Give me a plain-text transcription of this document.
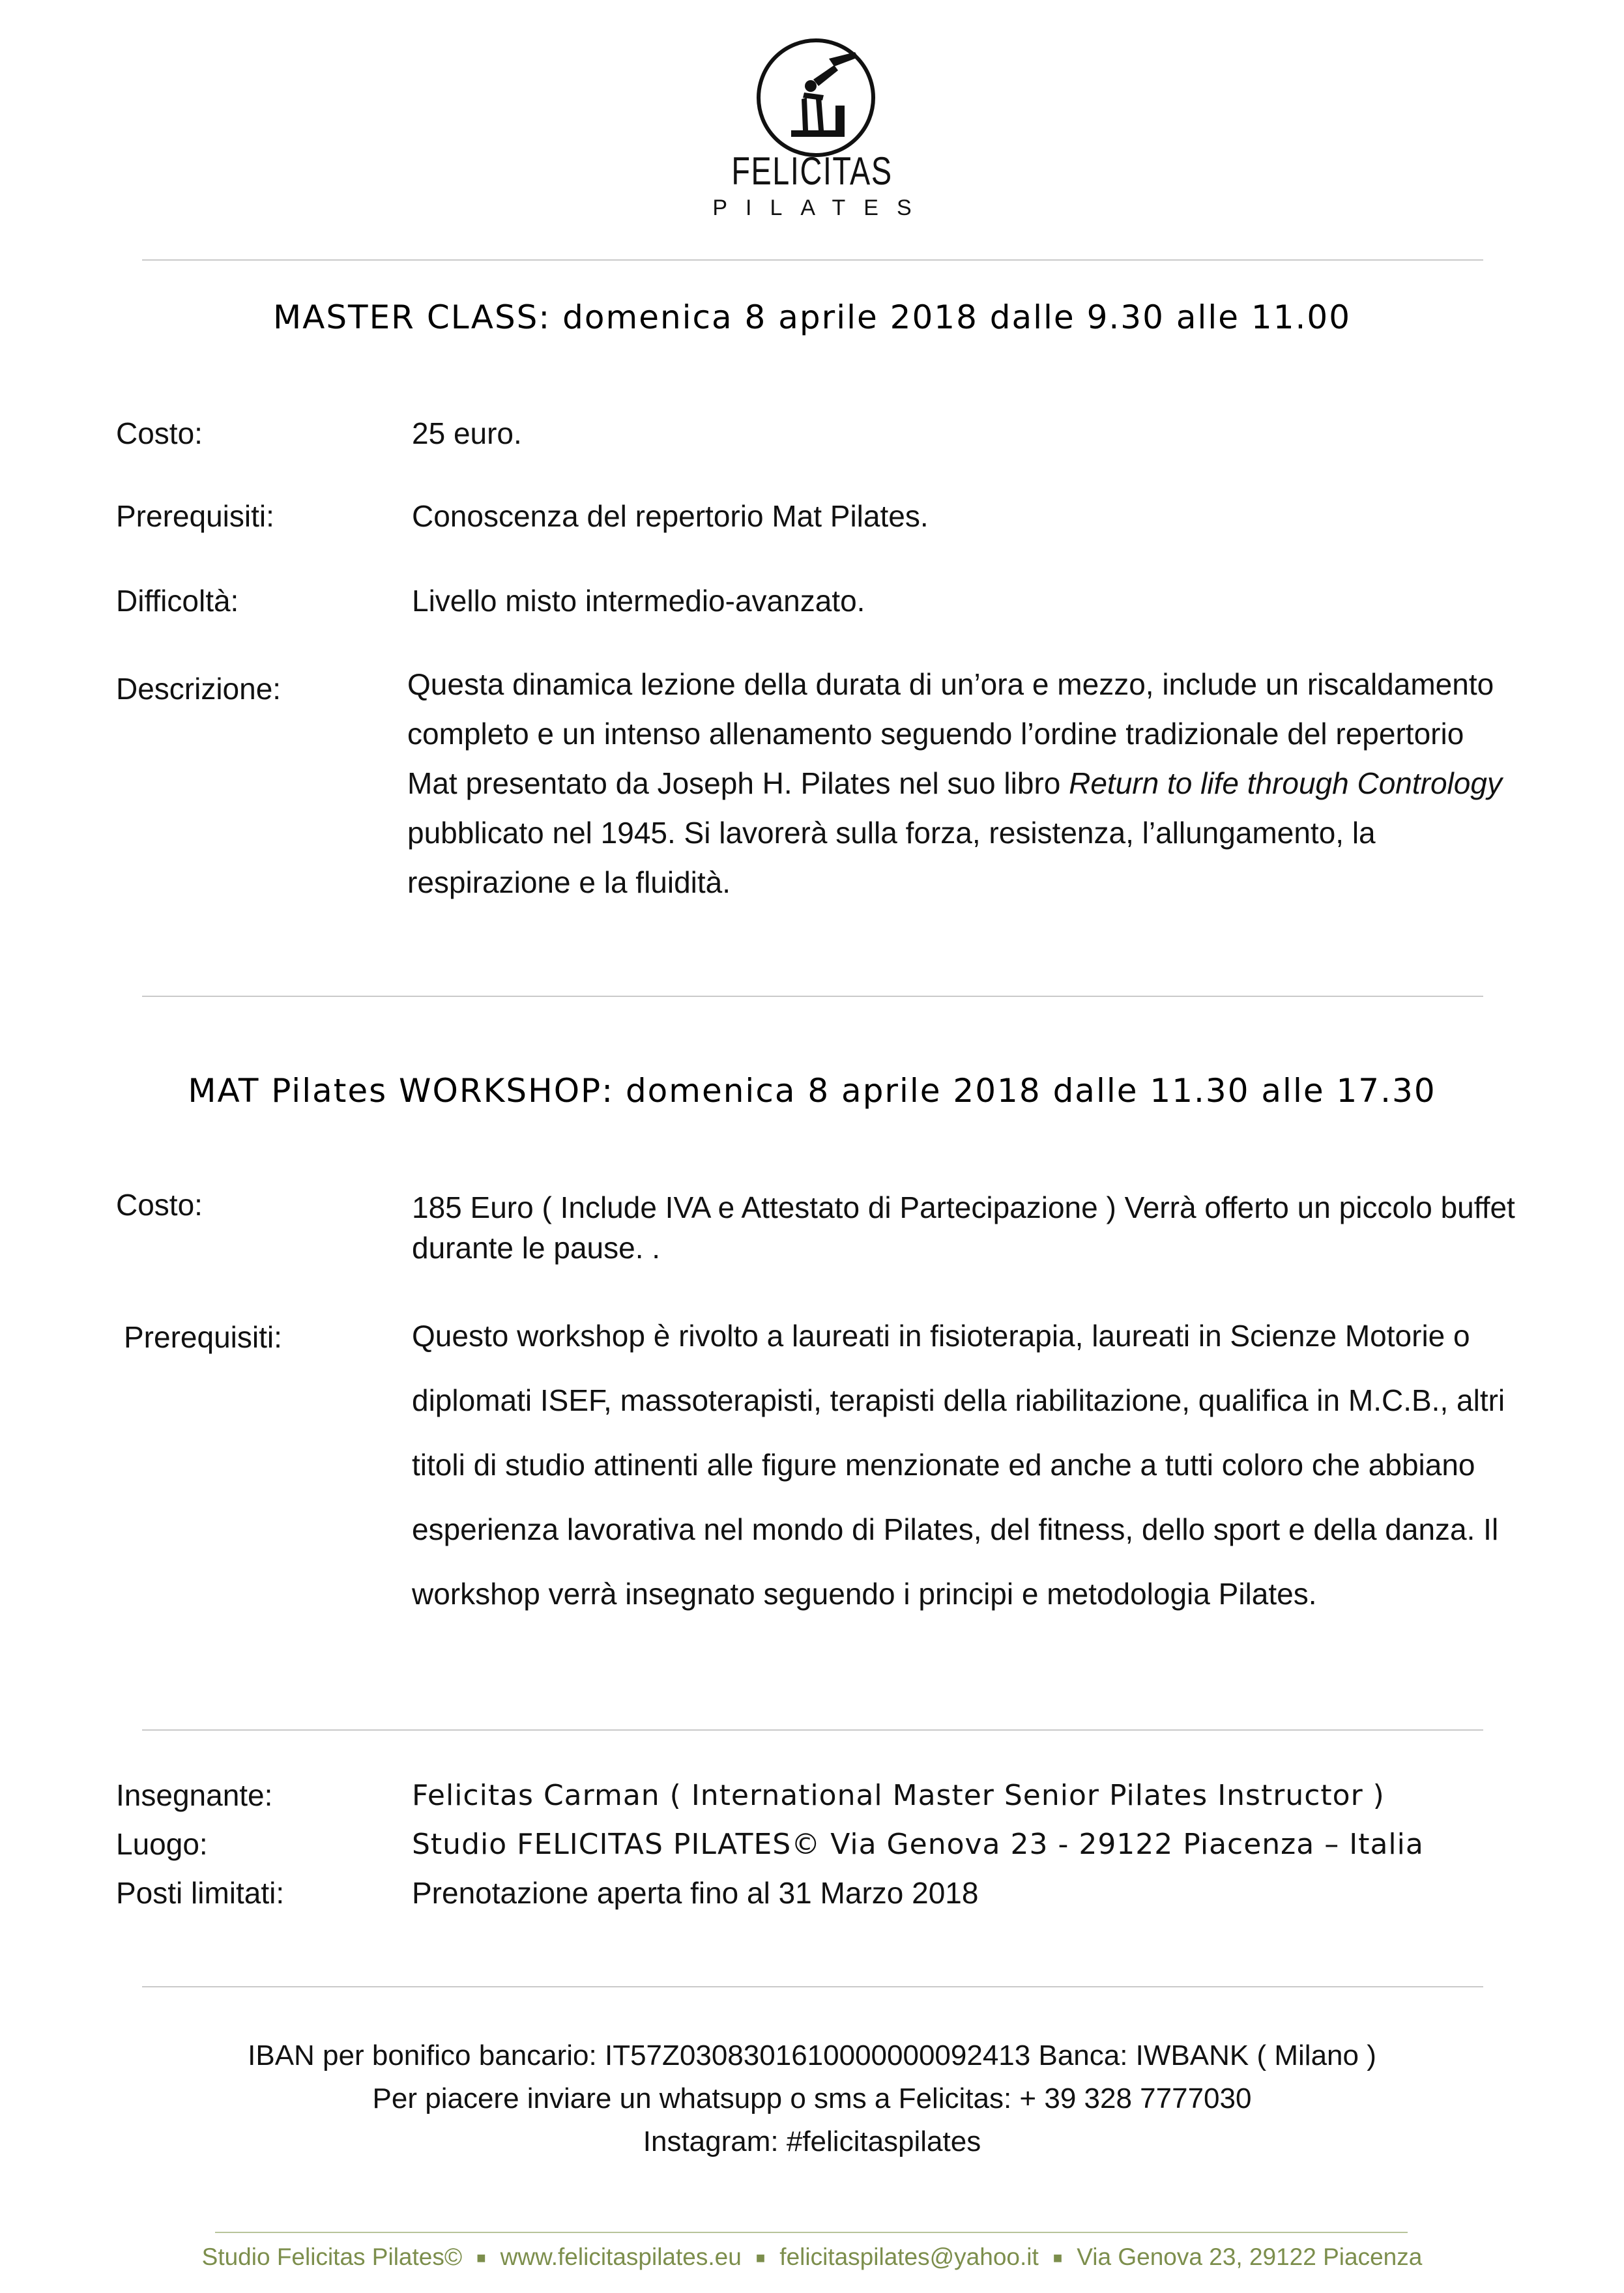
FELICITAS
PILATES
MASTER CLASS: domenica 8 aprile 2018 dalle 9.30 alle 11.00
Costo:	25 euro.
Prerequisiti:	Conoscenza del repertorio Mat Pilates.
Difficoltà:	Livello misto intermedio-avanzato.
Descrizione:	Questa dinamica lezione della durata di un’ora e mezzo, include un riscaldamento completo e un intenso allenamento seguendo l’ordine tradizionale del repertorio Mat presentato da Joseph H. Pilates nel suo libro Return to life through Contrology pubblicato nel 1945. Si lavorerà sulla forza, resistenza, l’allungamento, la respirazione e la fluidità.
MAT Pilates WORKSHOP: domenica 8 aprile 2018 dalle 11.30 alle 17.30
Costo:	185 Euro ( Include IVA e Attestato di Partecipazione ) Verrà offerto un piccolo buffet durante le pause. .
Prerequisiti:	Questo workshop è rivolto a laureati in fisioterapia, laureati in Scienze Motorie o diplomati ISEF, massoterapisti, terapisti della riabilitazione, qualifica in M.C.B., altri titoli di studio attinenti alle figure menzionate ed anche a tutti coloro che abbiano esperienza lavorativa nel mondo di Pilates, del fitness, dello sport e della danza. Il workshop verrà insegnato seguendo i principi e metodologia Pilates.
Insegnante:	Felicitas Carman ( International Master Senior Pilates Instructor )
Luogo:	Studio FELICITAS PILATES© Via Genova 23 - 29122 Piacenza – Italia
Posti limitati:	Prenotazione aperta fino al 31 Marzo 2018
IBAN per bonifico bancario: IT57Z0308301610000000092413 Banca: IWBANK ( Milano )
Per piacere inviare un whatsupp o sms a Felicitas: + 39 328 7777030
Instagram: #felicitaspilates
Studio Felicitas Pilates© ■ www.felicitaspilates.eu ■ felicitaspilates@yahoo.it ■ Via Genova 23, 29122 Piacenza
